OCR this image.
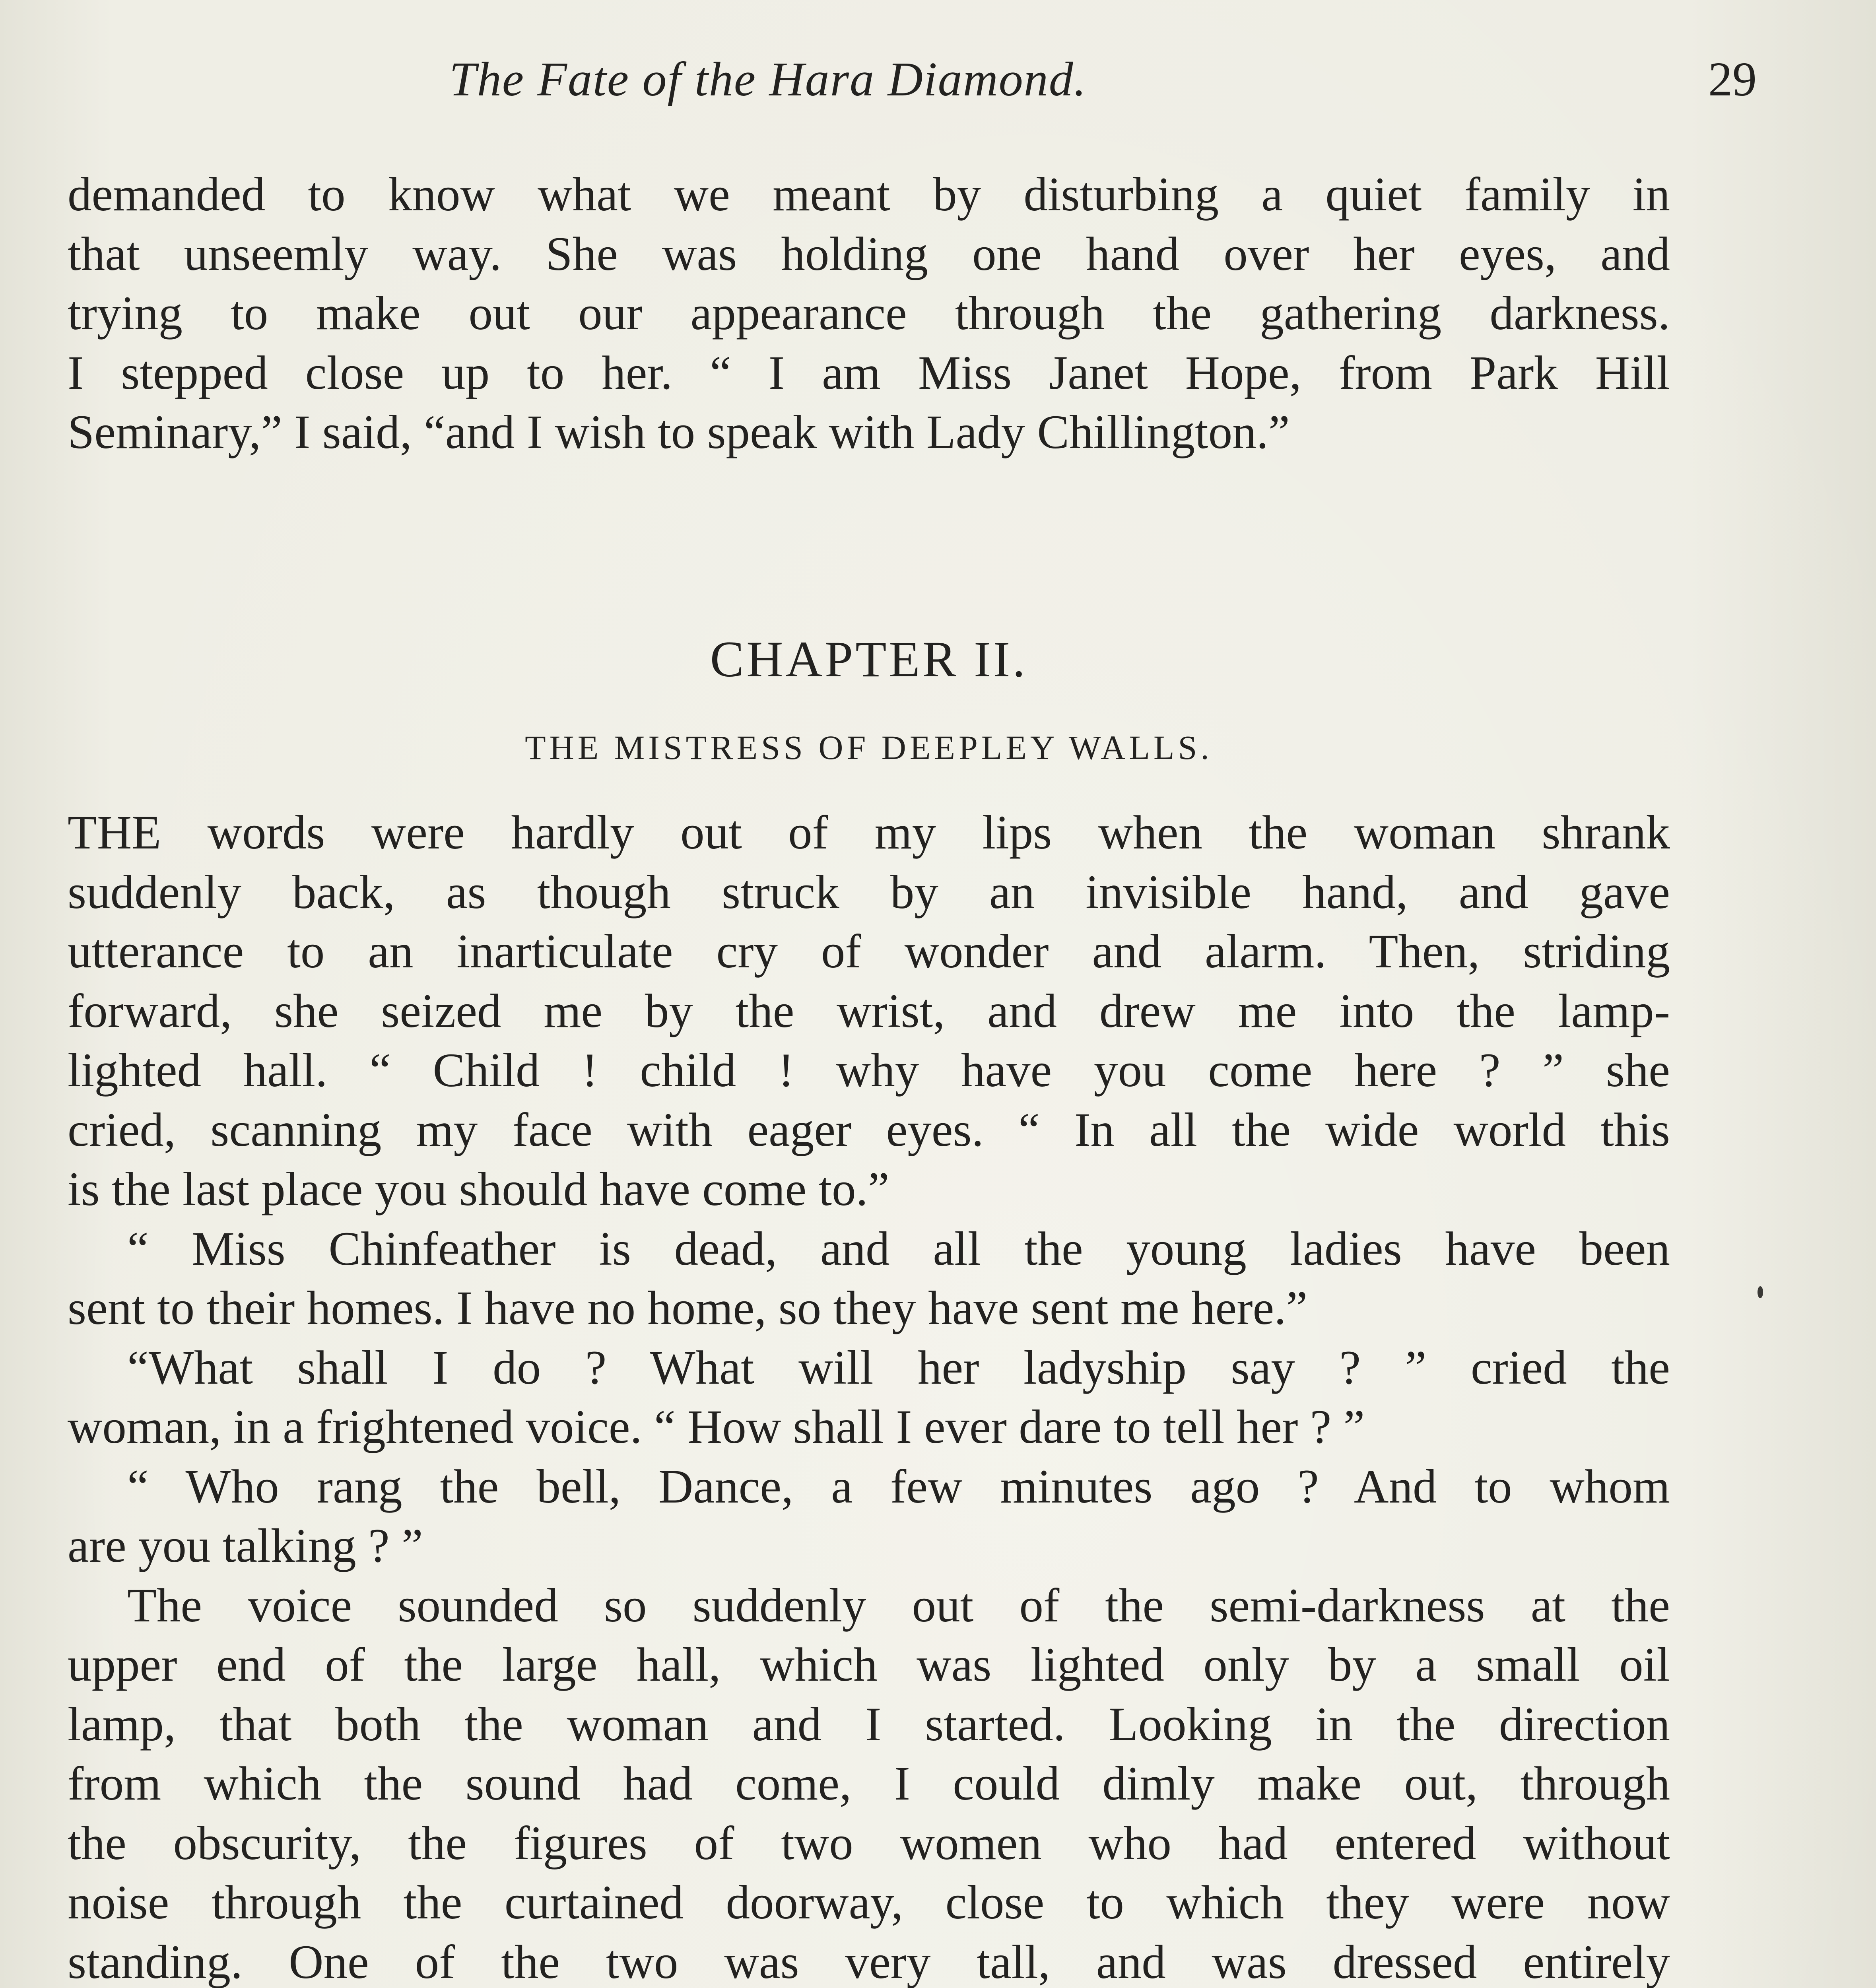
The Fate of the Hara Diamond.	29
demanded to know what we meant by disturbing a quiet family in
that unseemly way. She was holding one hand over her eyes, and
trying to make out our appearance through the gathering darkness.
I stepped close up to her. “ I am Miss Janet Hope, from Park Hill
Seminary,” I said, “and I wish to speak with Lady Chillington.”
CHAPTER II.
THE MISTRESS OF DEEPLEY WALLS.
THE words were hardly out of my lips when the woman shrank
suddenly back, as though struck by an invisible hand, and gave
utterance to an inarticulate cry of wonder and alarm. Then, striding
forward, she seized me by the wrist, and drew me into the lamp-
lighted hall. “ Child ! child ! why have you come here ? ” she
cried, scanning my face with eager eyes. “ In all the wide world this
is the last place you should have come to.”
“ Miss Chinfeather is dead, and all the young ladies have been
sent to their homes. I have no home, so they have sent me here.”
“What shall I do ? What will her ladyship say ? ” cried the
woman, in a frightened voice. “ How shall I ever dare to tell her ? ”
“ Who rang the bell, Dance, a few minutes ago ? And to whom
are you talking ? ”
The voice sounded so suddenly out of the semi-darkness at the
upper end of the large hall, which was lighted only by a small oil
lamp, that both the woman and I started. Looking in the direction
from which the sound had come, I could dimly make out, through
the obscurity, the figures of two women who had entered without
noise through the curtained doorway, close to which they were now
standing. One of the two was very tall, and was dressed entirely
